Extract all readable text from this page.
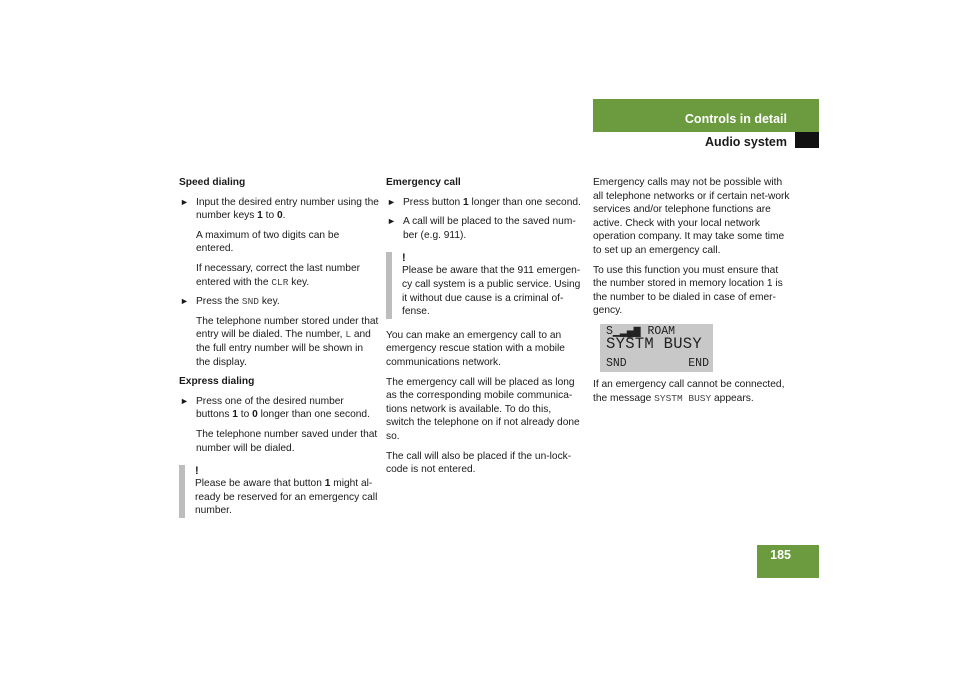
Controls in detail
Audio system
Speed dialing
► Input the desired entry number using the number keys 1 to 0.
A maximum of two digits can be entered.
If necessary, correct the last number entered with the CLR key.
► Press the SND key.
The telephone number stored under that entry will be dialed. The number, L and the full entry number will be shown in the display.
Express dialing
► Press one of the desired number buttons 1 to 0 longer than one second.
The telephone number saved under that number will be dialed.
!
Please be aware that button 1 might al-ready be reserved for an emergency call number.
Emergency call
► Press button 1 longer than one second.
► A call will be placed to the saved num-ber (e.g. 911).
!
Please be aware that the 911 emergen-cy call system is a public service. Using it without due cause is a criminal of-fense.

You can make an emergency call to an emergency rescue station with a mobile communications network.

The emergency call will be placed as long as the corresponding mobile communica-tions network is available. To do this, switch the telephone on if not already done so.

The call will also be placed if the un-lock-code is not entered.

Emergency calls may not be possible with all telephone networks or if certain net-work services and/or telephone functions are active. Check with your local network operation company. It may take some time to set up an emergency call.

To use this function you must ensure that the number stored in memory location 1 is the number to be dialed in case of emer-gency.

S▁▂▄▆ ROAM
SYSTM BUSY
SND	END

If an emergency call cannot be connected, the message SYSTM BUSY appears.

185
